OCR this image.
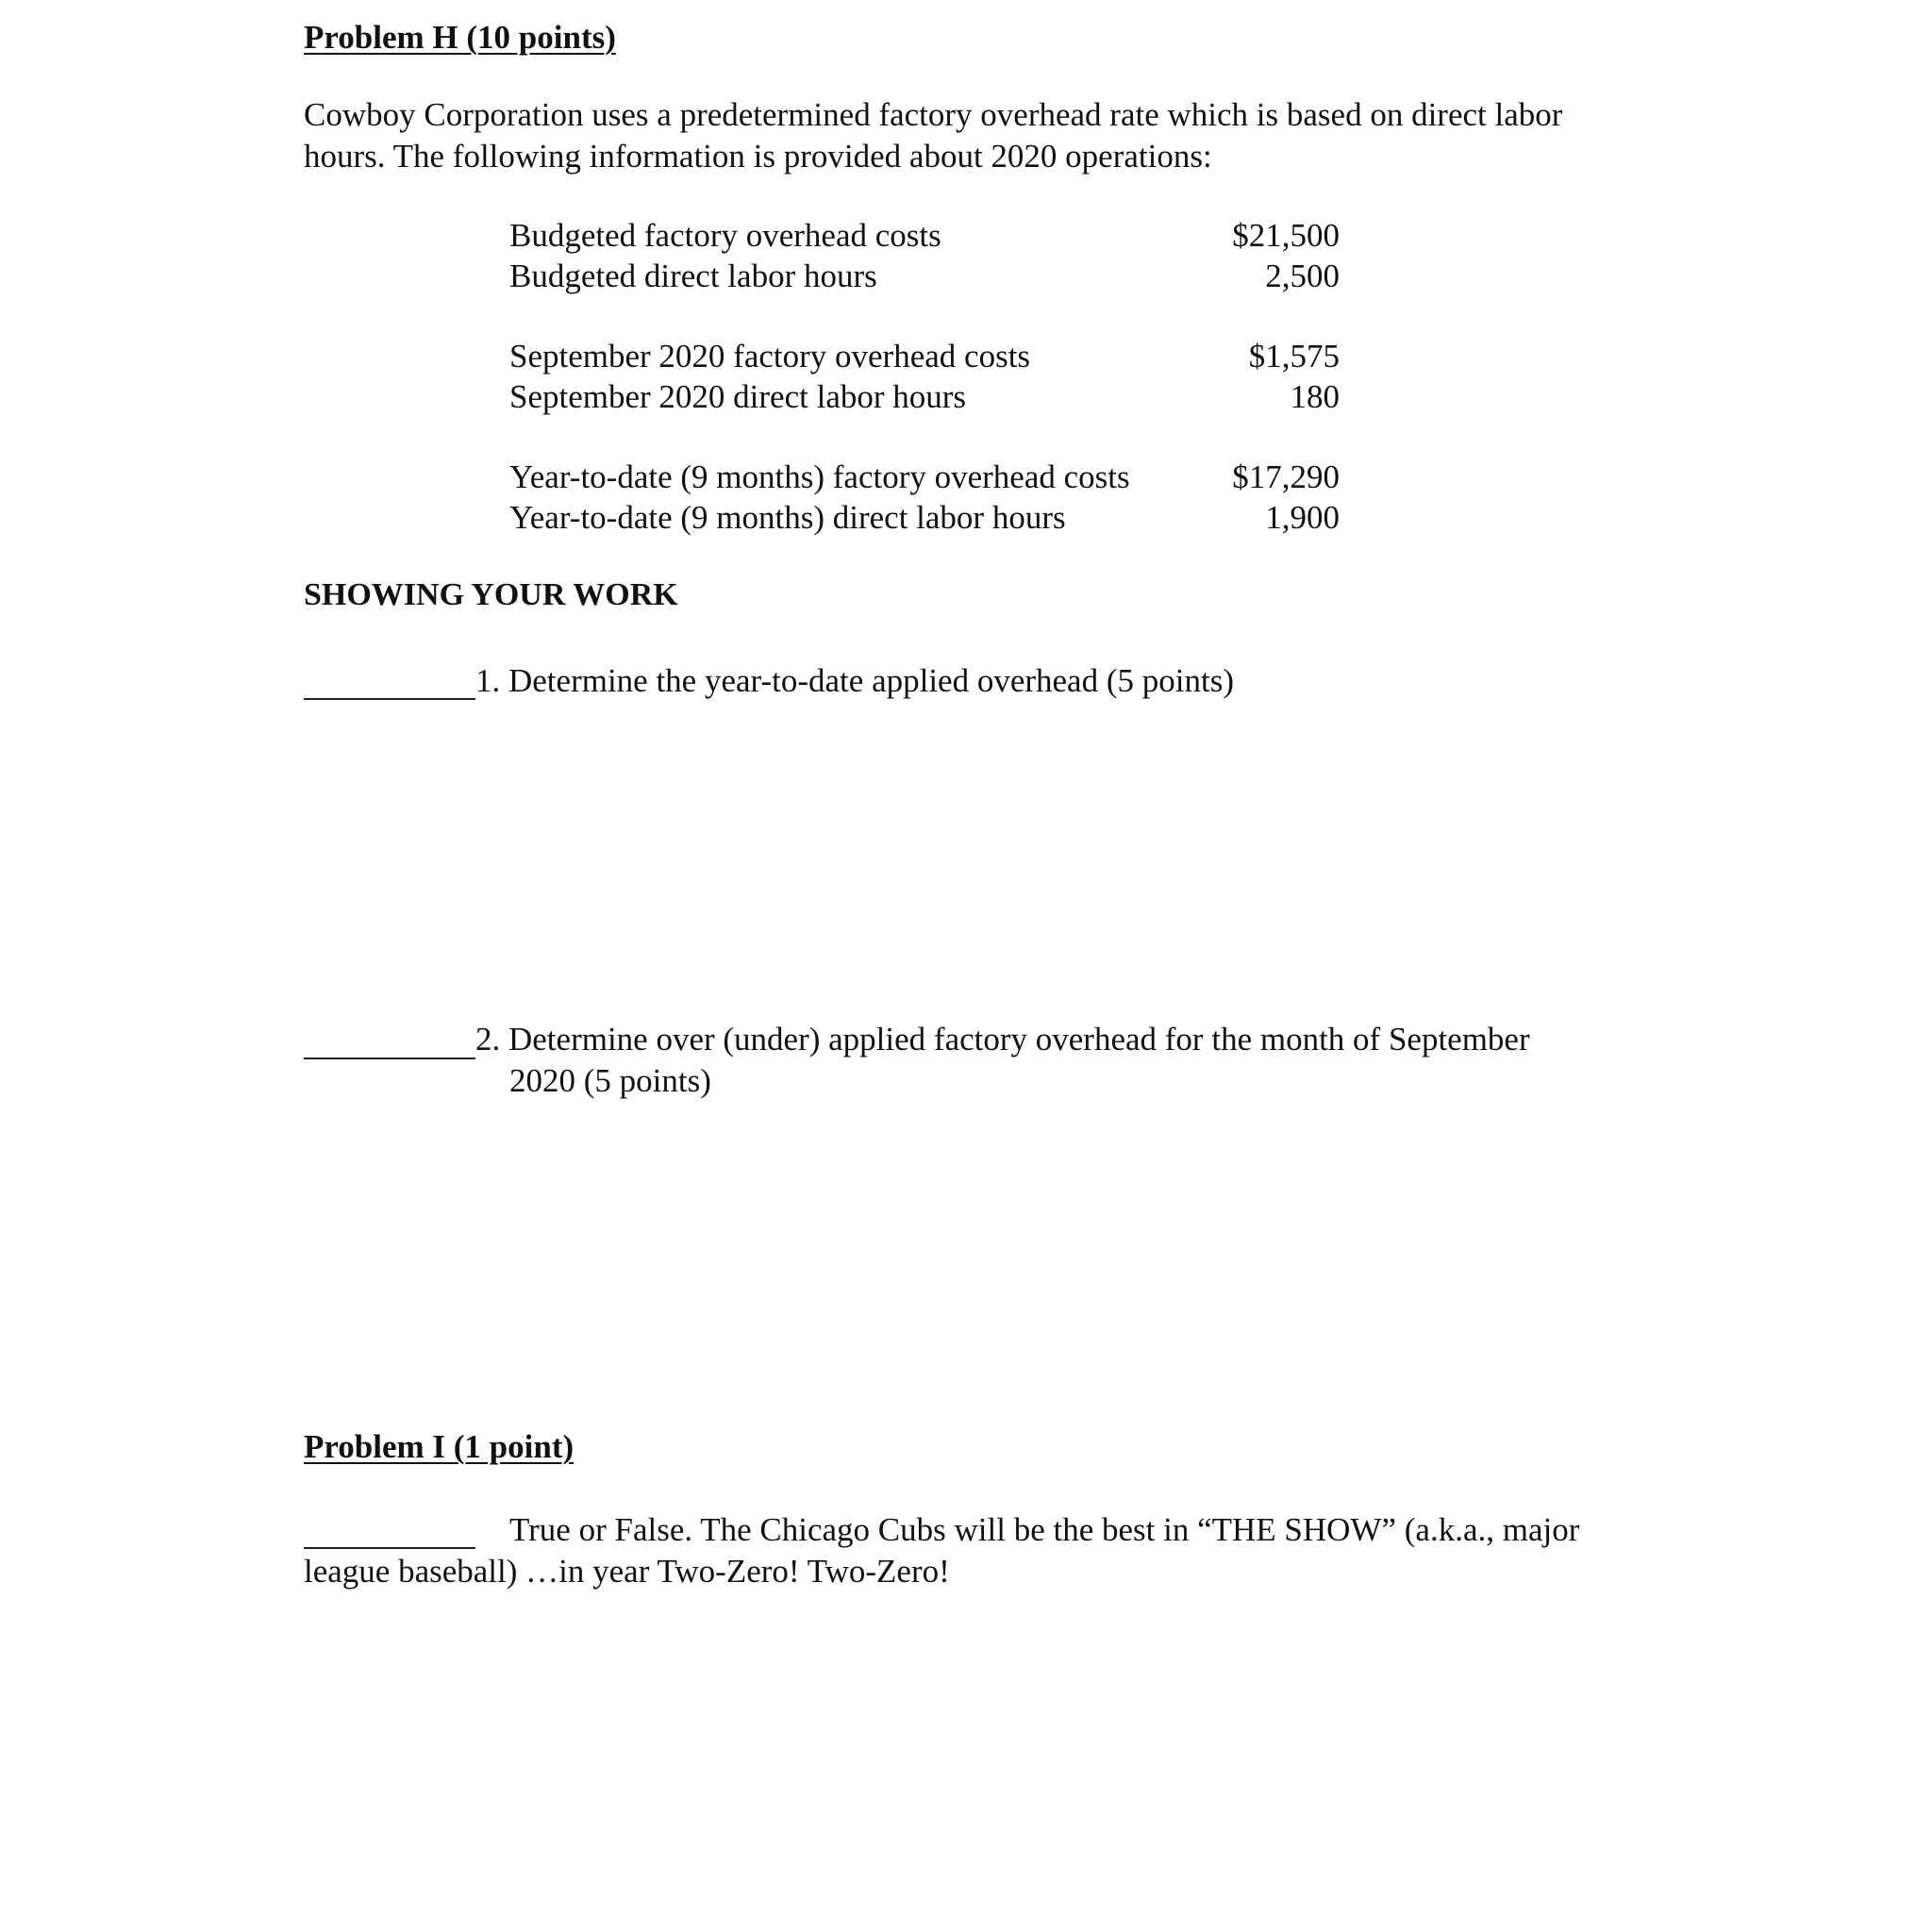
Problem H (10 points)
Cowboy Corporation uses a predetermined factory overhead rate which is based on direct labor
hours. The following information is provided about 2020 operations:
Budgeted factory overhead costs	$21,500
Budgeted direct labor hours	2,500
September 2020 factory overhead costs	$1,575
September 2020 direct labor hours	180
Year-to-date (9 months) factory overhead costs	$17,290
Year-to-date (9 months) direct labor hours	1,900
SHOWING YOUR WORK
1. Determine the year-to-date applied overhead (5 points)
2. Determine over (under) applied factory overhead for the month of September
2020 (5 points)
Problem I (1 point)
True or False. The Chicago Cubs will be the best in “THE SHOW” (a.k.a., major
league baseball) …in year Two-Zero! Two-Zero!
